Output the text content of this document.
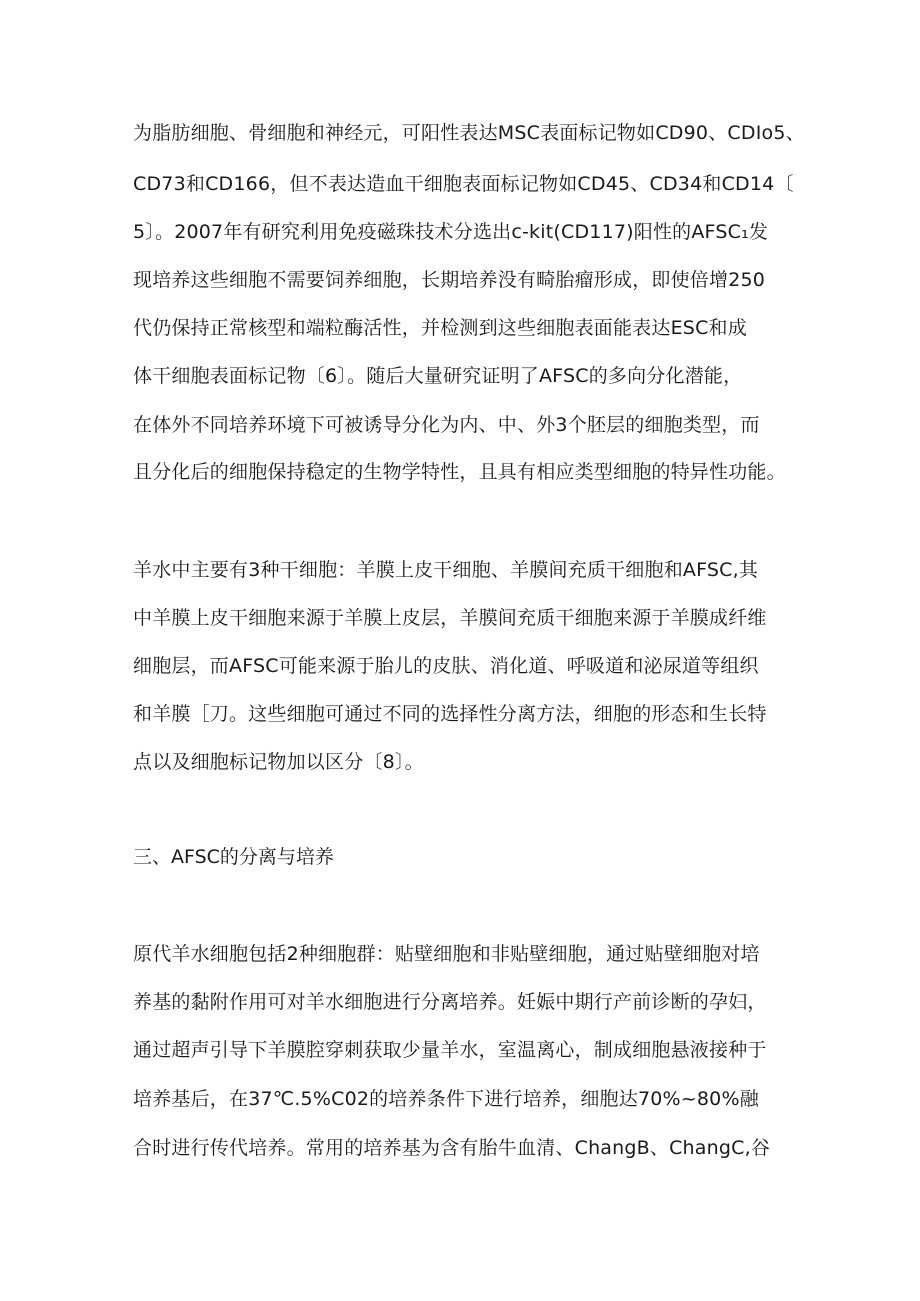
为脂肪细胞、骨细胞和神经元，可阳性表达MSC表面标记物如CD90、CDIo5、
CD73和CD166，但不表达造血干细胞表面标记物如CD45、CD34和CD14〔
5〕。2007年有研究利用免疫磁珠技术分选出c-kit(CD117)阳性的AFSC₁发
现培养这些细胞不需要饲养细胞，长期培养没有畸胎瘤形成，即使倍增250
代仍保持正常核型和端粒酶活性，并检测到这些细胞表面能表达ESC和成
体干细胞表面标记物〔6〕。随后大量研究证明了AFSC的多向分化潜能，
在体外不同培养环境下可被诱导分化为内、中、外3个胚层的细胞类型，而
且分化后的细胞保持稳定的生物学特性，且具有相应类型细胞的特异性功能。
羊水中主要有3种干细胞：羊膜上皮干细胞、羊膜间充质干细胞和AFSC,其
中羊膜上皮干细胞来源于羊膜上皮层，羊膜间充质干细胞来源于羊膜成纤维
细胞层，而AFSC可能来源于胎儿的皮肤、消化道、呼吸道和泌尿道等组织
和羊膜［刀。这些细胞可通过不同的选择性分离方法，细胞的形态和生长特
点以及细胞标记物加以区分〔8〕。
三、AFSC的分离与培养
原代羊水细胞包括2种细胞群：贴壁细胞和非贴壁细胞，通过贴壁细胞对培
养基的黏附作用可对羊水细胞进行分离培养。妊娠中期行产前诊断的孕妇，
通过超声引导下羊膜腔穿刺获取少量羊水，室温离心，制成细胞悬液接种于
培养基后，在37℃.5%C02的培养条件下进行培养，细胞达70%~80%融
合时进行传代培养。常用的培养基为含有胎牛血清、ChangB、ChangC,谷
